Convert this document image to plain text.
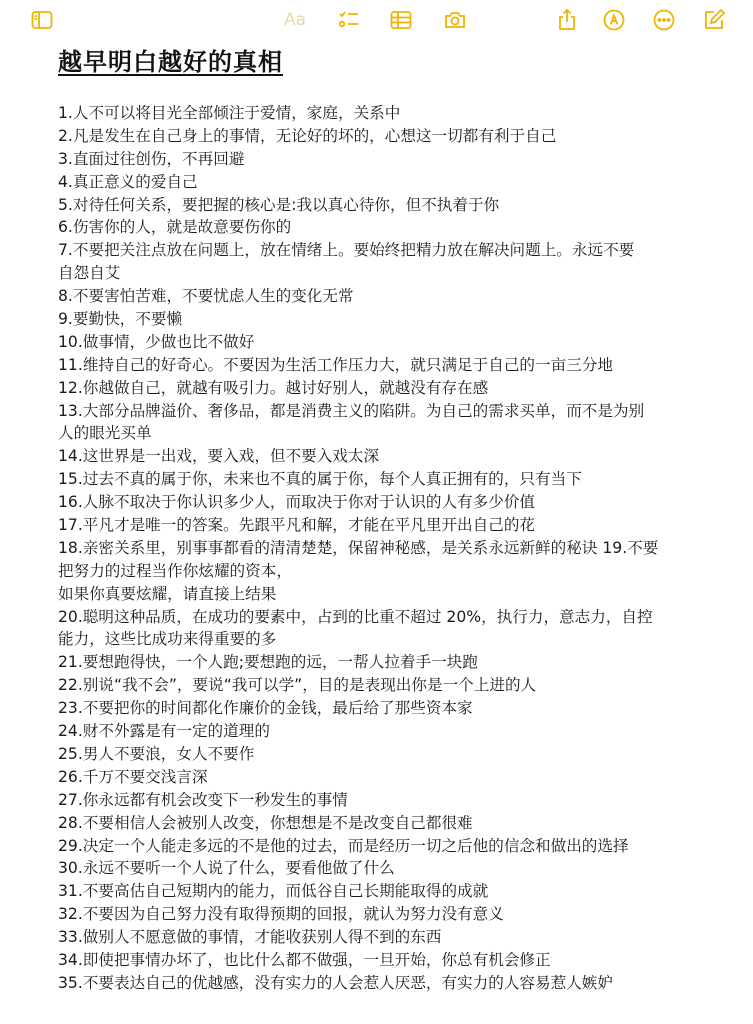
Aa
越早明白越好的真相
1.人不可以将目光全部倾注于爱情，家庭，关系中
2.凡是发生在自己身上的事情，无论好的坏的，心想这一切都有利于自己
3.直面过往创伤，不再回避
4.真正意义的爱自己
5.对待任何关系，要把握的核心是:我以真心待你，但不执着于你
6.伤害你的人，就是故意要伤你的
7.不要把关注点放在问题上，放在情绪上。要始终把精力放在解决问题上。永远不要
自怨自艾
8.不要害怕苦难，不要忧虑人生的变化无常
9.要勤快，不要懒
10.做事情，少做也比不做好
11.维持自己的好奇心。不要因为生活工作压力大，就只满足于自己的一亩三分地
12.你越做自己，就越有吸引力。越讨好别人，就越没有存在感
13.大部分品牌溢价、奢侈品，都是消费主义的陷阱。为自己的需求买单，而不是为别
人的眼光买单
14.这世界是一出戏，要入戏，但不要入戏太深
15.过去不真的属于你，未来也不真的属于你，每个人真正拥有的，只有当下
16.人脉不取决于你认识多少人，而取决于你对于认识的人有多少价值
17.平凡才是唯一的答案。先跟平凡和解，才能在平凡里开出自己的花
18.亲密关系里，别事事都看的清清楚楚，保留神秘感，是关系永远新鲜的秘诀 19.不要
把努力的过程当作你炫耀的资本，
如果你真要炫耀，请直接上结果
20.聪明这种品质，在成功的要素中，占到的比重不超过 20%，执行力，意志力，自控
能力，这些比成功来得重要的多
21.要想跑得快，一个人跑;要想跑的远，一帮人拉着手一块跑
22.别说“我不会”，要说“我可以学”，目的是表现出你是一个上进的人
23.不要把你的时间都化作廉价的金钱，最后给了那些资本家
24.财不外露是有一定的道理的
25.男人不要浪，女人不要作
26.千万不要交浅言深
27.你永远都有机会改变下一秒发生的事情
28.不要相信人会被别人改变，你想想是不是改变自己都很难
29.决定一个人能走多远的不是他的过去，而是经历一切之后他的信念和做出的选择
30.永远不要听一个人说了什么，要看他做了什么
31.不要高估自己短期内的能力，而低谷自己长期能取得的成就
32.不要因为自己努力没有取得预期的回报，就认为努力没有意义
33.做别人不愿意做的事情，才能收获别人得不到的东西
34.即使把事情办坏了，也比什么都不做强，一旦开始，你总有机会修正
35.不要表达自己的优越感，没有实力的人会惹人厌恶，有实力的人容易惹人嫉妒
